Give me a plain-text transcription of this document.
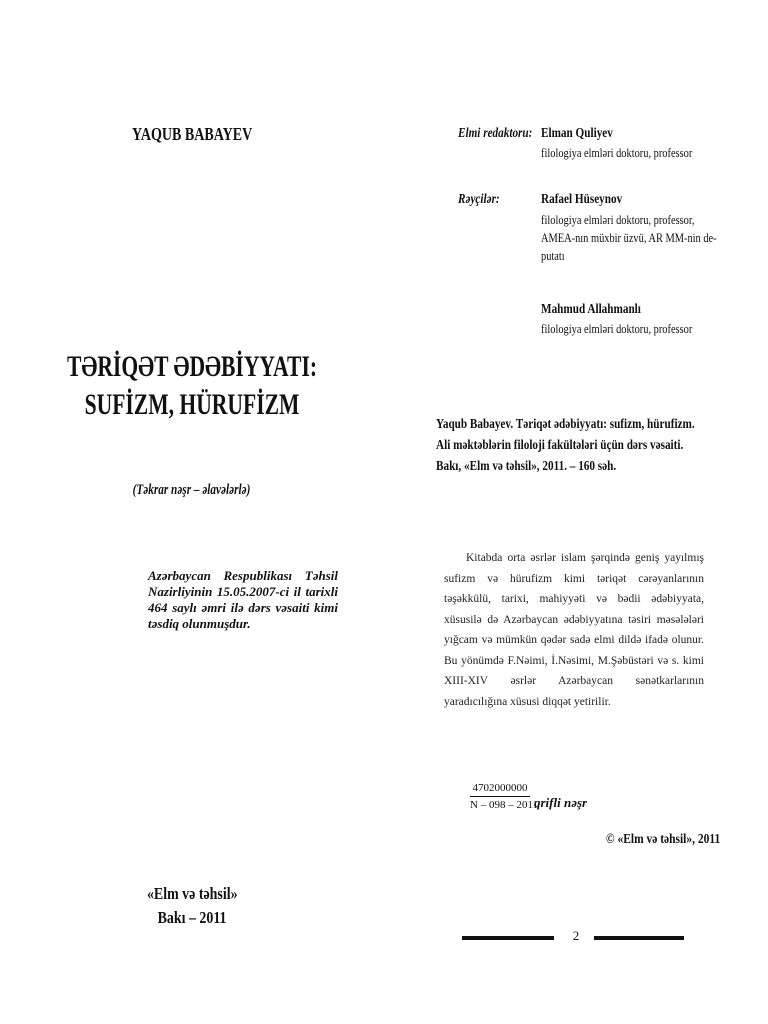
YAQUB BABAYEV
TƏRİQƏT ƏDƏBİYYATI:
SUFİZM, HÜRUFİZM
(Təkrar nəşr – əlavələrlə)
Azərbaycan Respublikası Təhsil Nazirliyinin 15.05.2007-ci il tarixli 464 saylı əmri ilə dərs vəsaiti kimi təsdiq olunmuşdur.
«Elm və təhsil»
Bakı – 2011
Elmi redaktoru: Elman Quliyev
filologiya elmləri doktoru, professor
Rəyçilər:	Rafael Hüseynov
filologiya elmləri doktoru, professor,
AMEA-nın müxbir üzvü, AR MM-nin de-
putatı
Mahmud Allahmanlı
filologiya elmləri doktoru, professor
Yaqub Babayev. Təriqət ədəbiyyatı: sufizm, hürufizm.
Ali məktəblərin filoloji fakültələri üçün dərs vəsaiti.
Bakı, «Elm və təhsil», 2011. – 160 səh.
Kitabda orta əsrlər islam şərqində geniş yayılmış sufizm və hürufizm kimi təriqət cərəyanlarının təşəkkülü, tarixi, mahiyyəti və bədii ədəbiyyata, xüsusilə də Azərbaycan ədəbiyyatına təsiri məsələləri yığcam və mümkün qədər sadə elmi dildə ifadə olunur. Bu yönümdə F.Nəimi, İ.Nəsimi, M.Şəbüstəri və s. kimi XIII-XIV əsrlər Azərbaycan sənətkarlarının yaradıcılığına xüsusi diqqət yetirilir.
$\frac{4702000000}{N - 098 - 2011}$ qrifli nəşr
© «Elm və təhsil», 2011
2
